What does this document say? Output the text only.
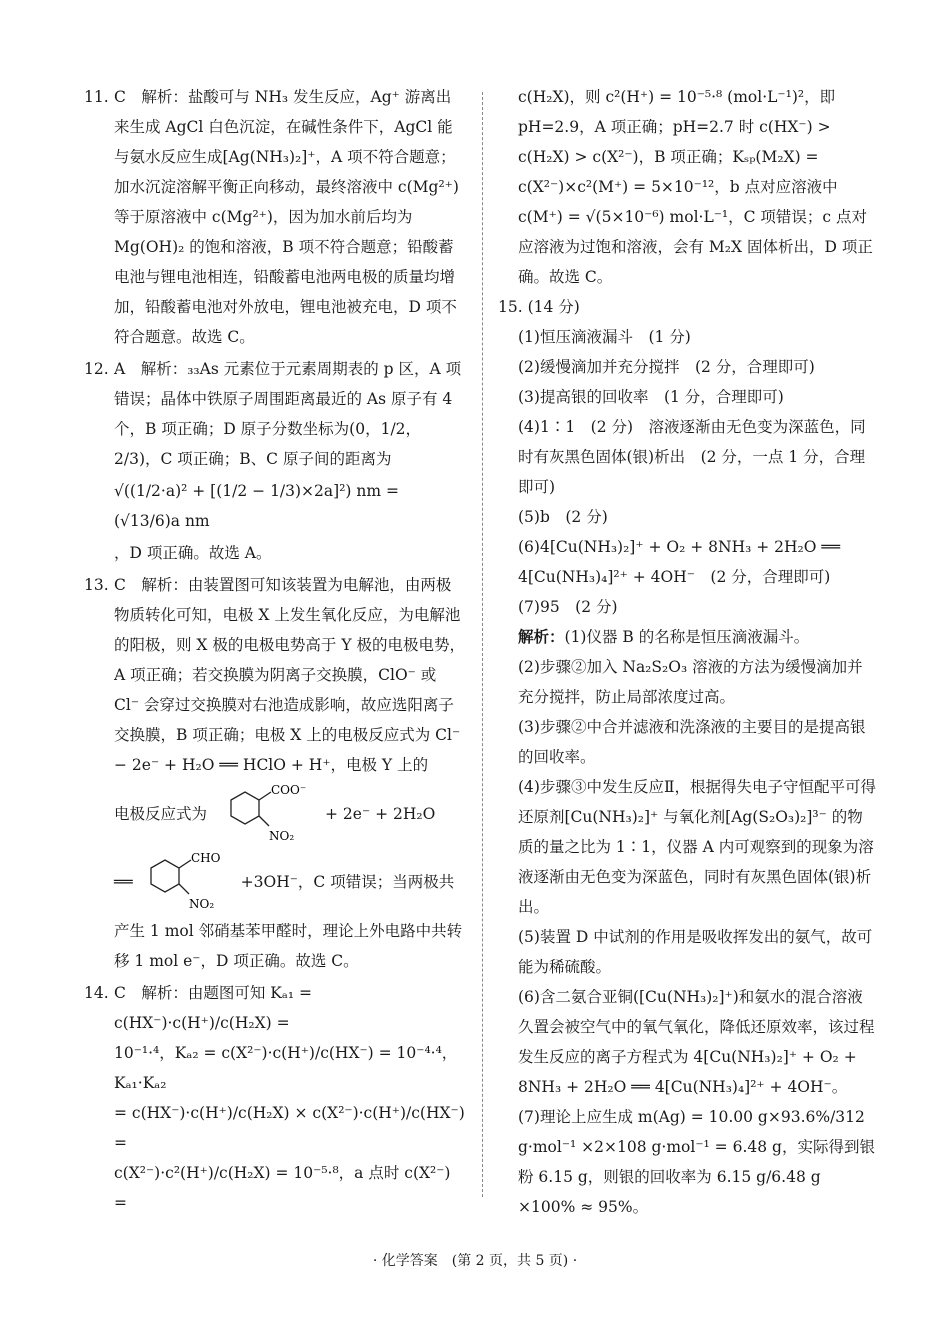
11. C　解析：盐酸可与 NH₃ 发生反应，Ag⁺ 游离出来生成 AgCl 白色沉淀，在碱性条件下，AgCl 能与氨水反应生成[Ag(NH₃)₂]⁺，A 项不符合题意；加水沉淀溶解平衡正向移动，最终溶液中 c(Mg²⁺)等于原溶液中 c(Mg²⁺)，因为加水前后均为 Mg(OH)₂ 的饱和溶液，B 项不符合题意；铅酸蓄电池与锂电池相连，铅酸蓄电池两电极的质量均增加，铅酸蓄电池对外放电，锂电池被充电，D 项不符合题意。故选 C。

12. A　解析：₃₃As 元素位于元素周期表的 p 区，A 项错误；晶体中铁原子周围距离最近的 As 原子有 4 个，B 项正确；D 原子分数坐标为(0，1/2，2/3)，C 项正确；B、C 原子间的距离为

√((1/2·a)² + [(1/2 − 1/3)×2a]²) nm = (√13/6)a nm

，D 项正确。故选 A。

13. C　解析：由装置图可知该装置为电解池，由两极物质转化可知，电极 X 上发生氧化反应，为电解池的阳极，则 X 极的电极电势高于 Y 极的电极电势，A 项正确；若交换膜为阴离子交换膜，ClO⁻ 或 Cl⁻ 会穿过交换膜对右池造成影响，故应选阳离子交换膜，B 项正确；电极 X 上的电极反应式为 Cl⁻ − 2e⁻ + H₂O ══ HClO + H⁺，电极 Y 上的

电极反应式为
COO⁻
NO₂
+ 2e⁻ + 2H₂O
══
CHO
NO₂
+3OH⁻，C 项错误；当两极共

产生 1 mol 邻硝基苯甲醛时，理论上外电路中共转移 1 mol e⁻，D 项正确。故选 C。

14. C　解析：由题图可知 Kₐ₁ = c(HX⁻)·c(H⁺)/c(H₂X) =

10⁻¹·⁴，Kₐ₂ = c(X²⁻)·c(H⁺)/c(HX⁻) = 10⁻⁴·⁴，Kₐ₁·Kₐ₂

= c(HX⁻)·c(H⁺)/c(H₂X) × c(X²⁻)·c(H⁺)/c(HX⁻) =

c(X²⁻)·c²(H⁺)/c(H₂X) = 10⁻⁵·⁸，a 点时 c(X²⁻) =

c(H₂X)，则 c²(H⁺) = 10⁻⁵·⁸ (mol·L⁻¹)²，即 pH=2.9，A 项正确；pH=2.7 时 c(HX⁻) > c(H₂X) > c(X²⁻)，B 项正确；Kₛₚ(M₂X) = c(X²⁻)×c²(M⁺) = 5×10⁻¹²，b 点对应溶液中 c(M⁺) = √(5×10⁻⁶) mol·L⁻¹，C 项错误；c 点对应溶液为过饱和溶液，会有 M₂X 固体析出，D 项正确。故选 C。

15. (14 分)

(1)恒压滴液漏斗　(1 分)

(2)缓慢滴加并充分搅拌　(2 分，合理即可)

(3)提高银的回收率　(1 分，合理即可)

(4)1∶1　(2 分)　溶液逐渐由无色变为深蓝色，同时有灰黑色固体(银)析出　(2 分，一点 1 分，合理即可)

(5)b　(2 分)

(6)4[Cu(NH₃)₂]⁺ + O₂ + 8NH₃ + 2H₂O ══ 4[Cu(NH₃)₄]²⁺ + 4OH⁻　(2 分，合理即可)

(7)95　(2 分)

解析：(1)仪器 B 的名称是恒压滴液漏斗。

(2)步骤②加入 Na₂S₂O₃ 溶液的方法为缓慢滴加并充分搅拌，防止局部浓度过高。

(3)步骤②中合并滤液和洗涤液的主要目的是提高银的回收率。

(4)步骤③中发生反应Ⅱ，根据得失电子守恒配平可得还原剂[Cu(NH₃)₂]⁺ 与氧化剂[Ag(S₂O₃)₂]³⁻ 的物质的量之比为 1∶1，仪器 A 内可观察到的现象为溶液逐渐由无色变为深蓝色，同时有灰黑色固体(银)析出。

(5)装置 D 中试剂的作用是吸收挥发出的氨气，故可能为稀硫酸。

(6)含二氨合亚铜([Cu(NH₃)₂]⁺)和氨水的混合溶液久置会被空气中的氧气氧化，降低还原效率，该过程发生反应的离子方程式为 4[Cu(NH₃)₂]⁺ + O₂ + 8NH₃ + 2H₂O ══ 4[Cu(NH₃)₄]²⁺ + 4OH⁻。

(7)理论上应生成 m(Ag) = 10.00 g×93.6%/312 g·mol⁻¹ ×2×108 g·mol⁻¹ = 6.48 g，实际得到银粉 6.15 g，则银的回收率为 6.15 g/6.48 g ×100% ≈ 95%。

· 化学答案　(第 2 页，共 5 页) ·
